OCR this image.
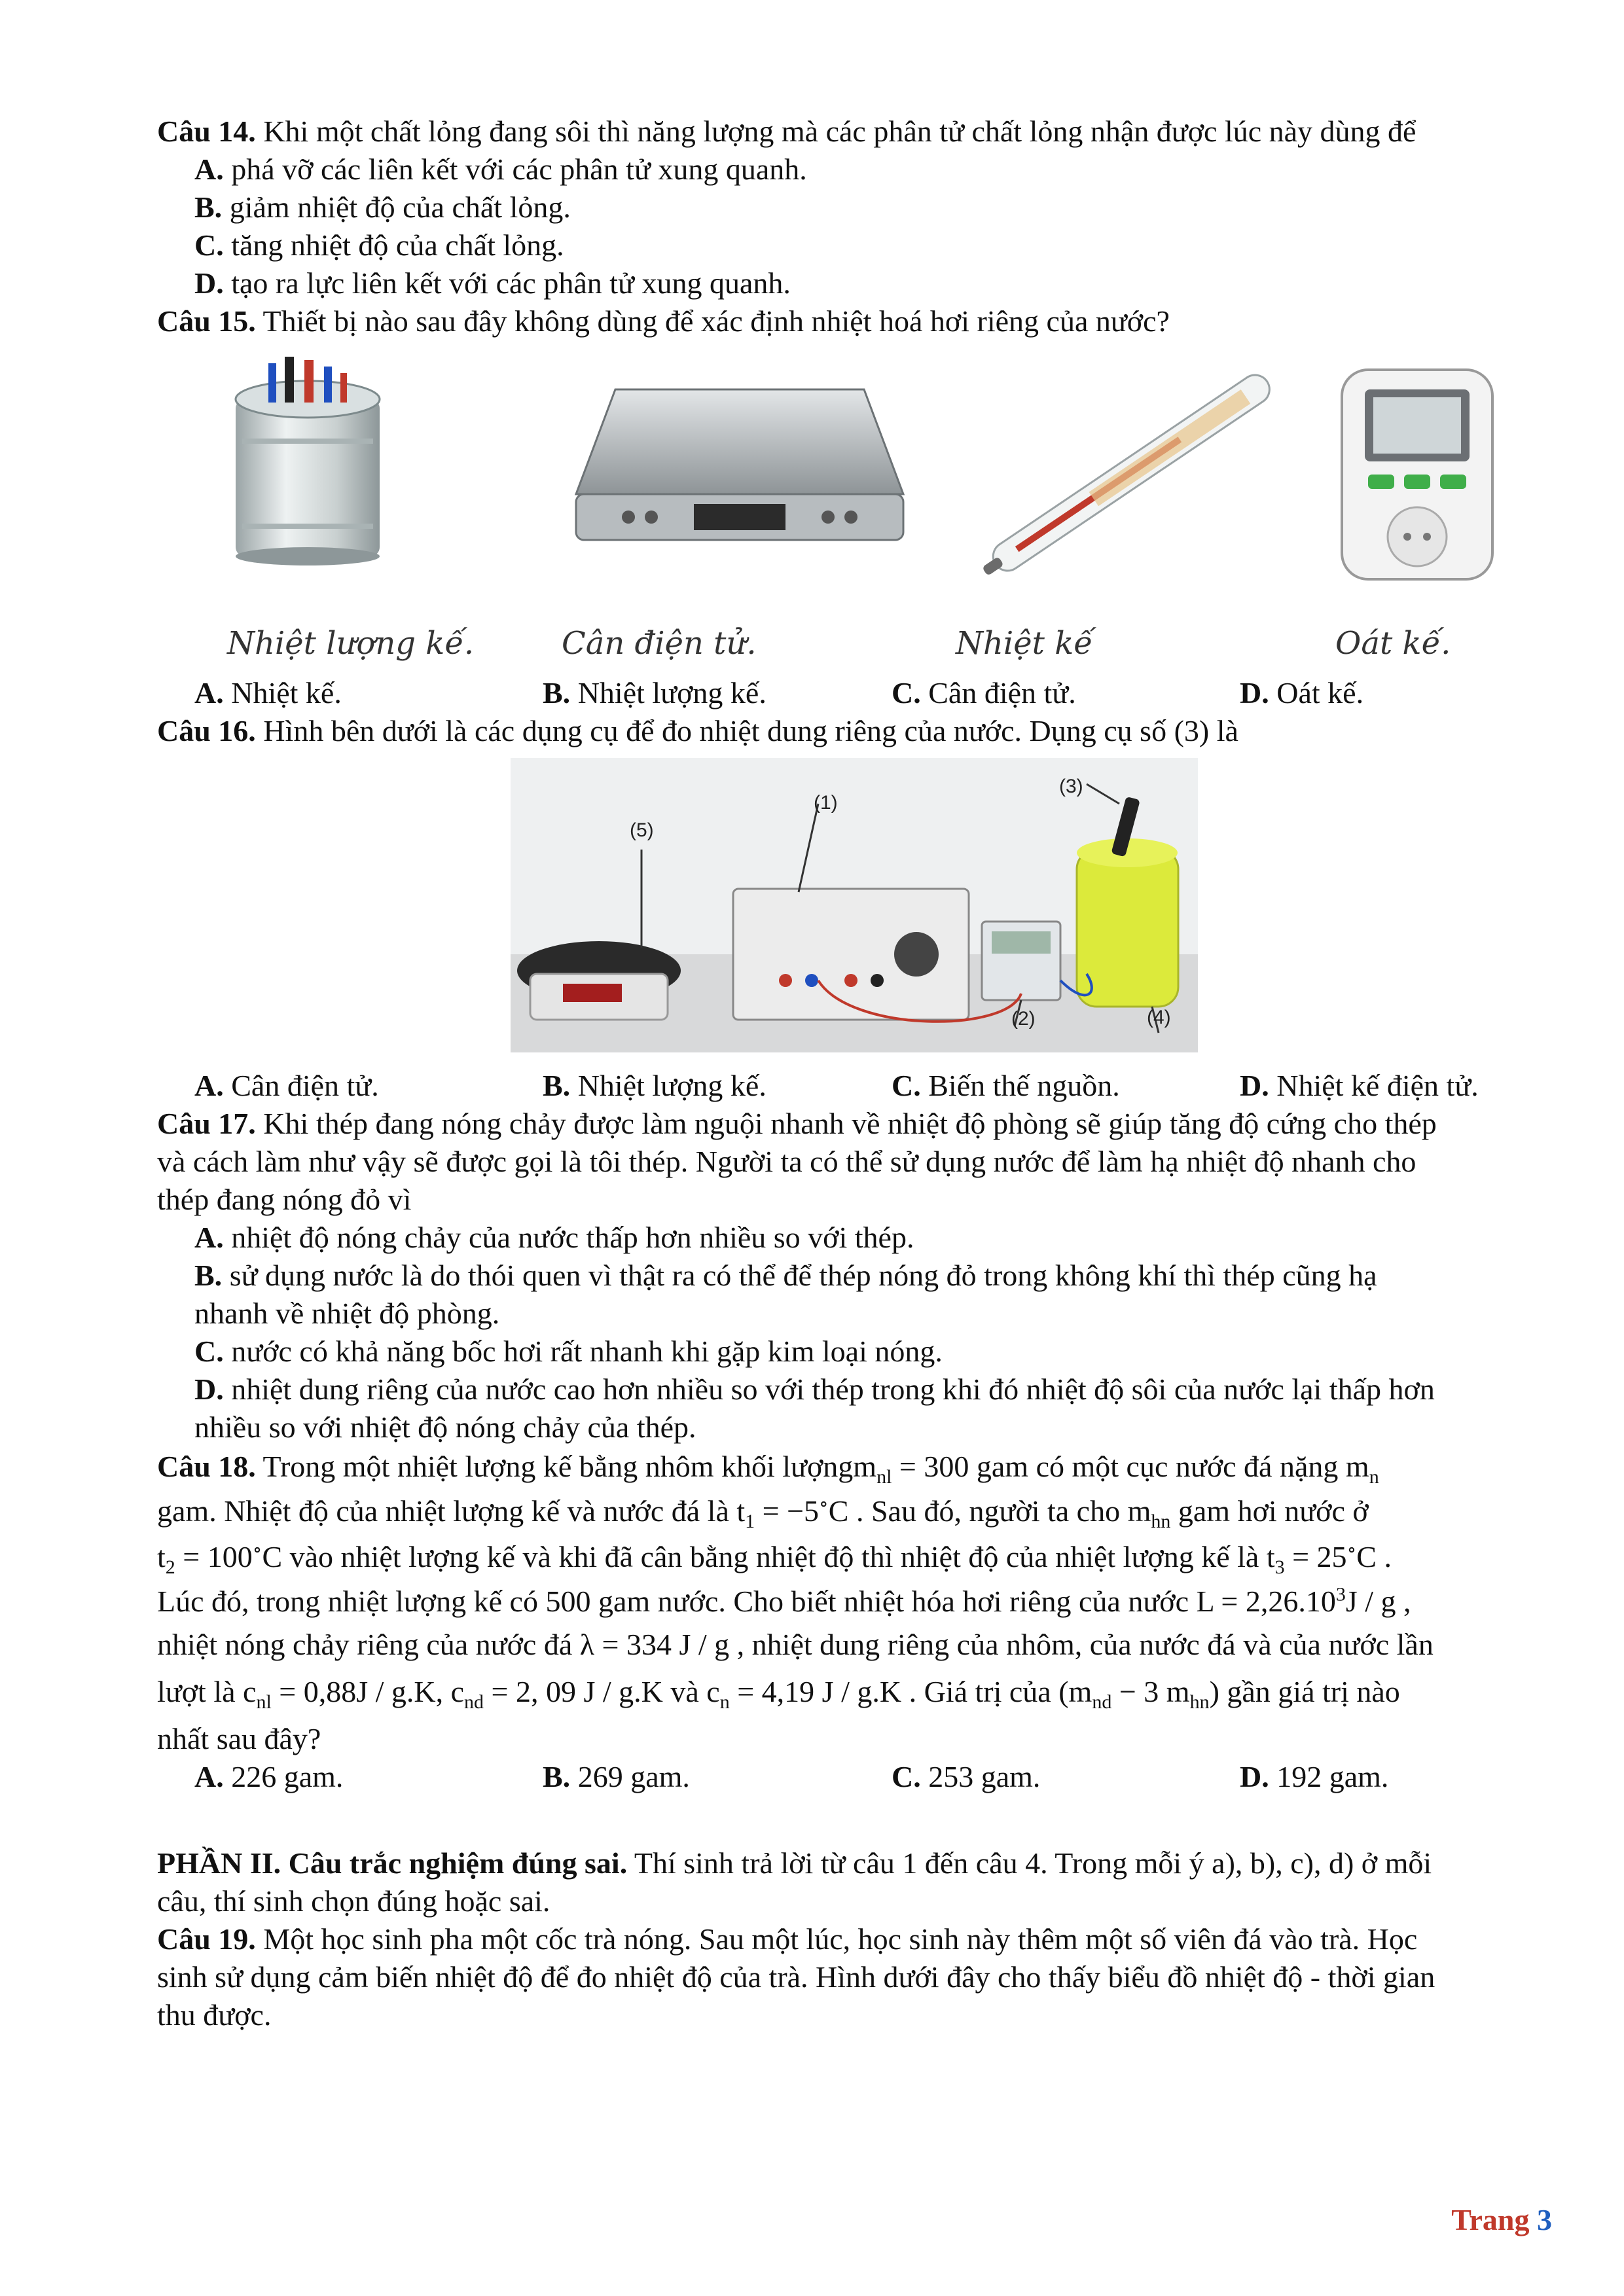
Câu 14. Khi một chất lỏng đang sôi thì năng lượng mà các phân tử chất lỏng nhận được lúc này dùng để
A. phá vỡ các liên kết với các phân tử xung quanh.
B. giảm nhiệt độ của chất lỏng.
C. tăng nhiệt độ của chất lỏng.
D. tạo ra lực liên kết với các phân tử xung quanh.
Câu 15. Thiết bị nào sau đây không dùng để xác định nhiệt hoá hơi riêng của nước?
Nhiệt lượng kế.	Cân điện tử.	Nhiệt kế	Oát kế.
A. Nhiệt kế.	B. Nhiệt lượng kế.	C. Cân điện tử.	D. Oát kế.
Câu 16. Hình bên dưới là các dụng cụ để đo nhiệt dung riêng của nước. Dụng cụ số (3) là
(1)
(2)
(3)
(4)
(5)
A. Cân điện tử.	B. Nhiệt lượng kế.	C. Biến thế nguồn.	D. Nhiệt kế điện tử.
Câu 17. Khi thép đang nóng chảy được làm nguội nhanh về nhiệt độ phòng sẽ giúp tăng độ cứng cho thép
và cách làm như vậy sẽ được gọi là tôi thép. Người ta có thể sử dụng nước để làm hạ nhiệt độ nhanh cho
thép đang nóng đỏ vì
A. nhiệt độ nóng chảy của nước thấp hơn nhiều so với thép.
B. sử dụng nước là do thói quen vì thật ra có thể để thép nóng đỏ trong không khí thì thép cũng hạ
nhanh về nhiệt độ phòng.
C. nước có khả năng bốc hơi rất nhanh khi gặp kim loại nóng.
D. nhiệt dung riêng của nước cao hơn nhiều so với thép trong khi đó nhiệt độ sôi của nước lại thấp hơn
nhiều so với nhiệt độ nóng chảy của thép.
Câu 18. Trong một nhiệt lượng kế bằng nhôm khối lượngm$_{nl}$ = 300 gam có một cục nước đá nặng $m_n$
gam. Nhiệt độ của nhiệt lượng kế và nước đá là $t_1 = -5^\circ C$ . Sau đó, người ta cho $m_{hn}$ gam hơi nước ở
$t_2 = 100^\circ C$ vào nhiệt lượng kế và khi đã cân bằng nhiệt độ thì nhiệt độ của nhiệt lượng kế là $t_3 = 25^\circ C$ .
Lúc đó, trong nhiệt lượng kế có 500 gam nước. Cho biết nhiệt hóa hơi riêng của nước $L = 2,26.10^3J / g$ ,
nhiệt nóng chảy riêng của nước đá λ = 334 J / g , nhiệt dung riêng của nhôm, của nước đá và của nước lần
lượt là $c_{nl} = 0,88J / g.K$, $c_{nd} = 2$, 09 J / g.K và $c_n = 4,19$ J / g.K . Giá trị của ($m_{nd} - 3$ $m_{hn}$) gần giá trị nào
nhất sau đây?
A. 226 gam.	B. 269 gam.	C. 253 gam.	D. 192 gam.
PHẦN II. Câu trắc nghiệm đúng sai. Thí sinh trả lời từ câu 1 đến câu 4. Trong mỗi ý a), b), c), d) ở mỗi
câu, thí sinh chọn đúng hoặc sai.
Câu 19. Một học sinh pha một cốc trà nóng. Sau một lúc, học sinh này thêm một số viên đá vào trà. Học
sinh sử dụng cảm biến nhiệt độ để đo nhiệt độ của trà. Hình dưới đây cho thấy biểu đồ nhiệt độ - thời gian
thu được.
Trang 3
